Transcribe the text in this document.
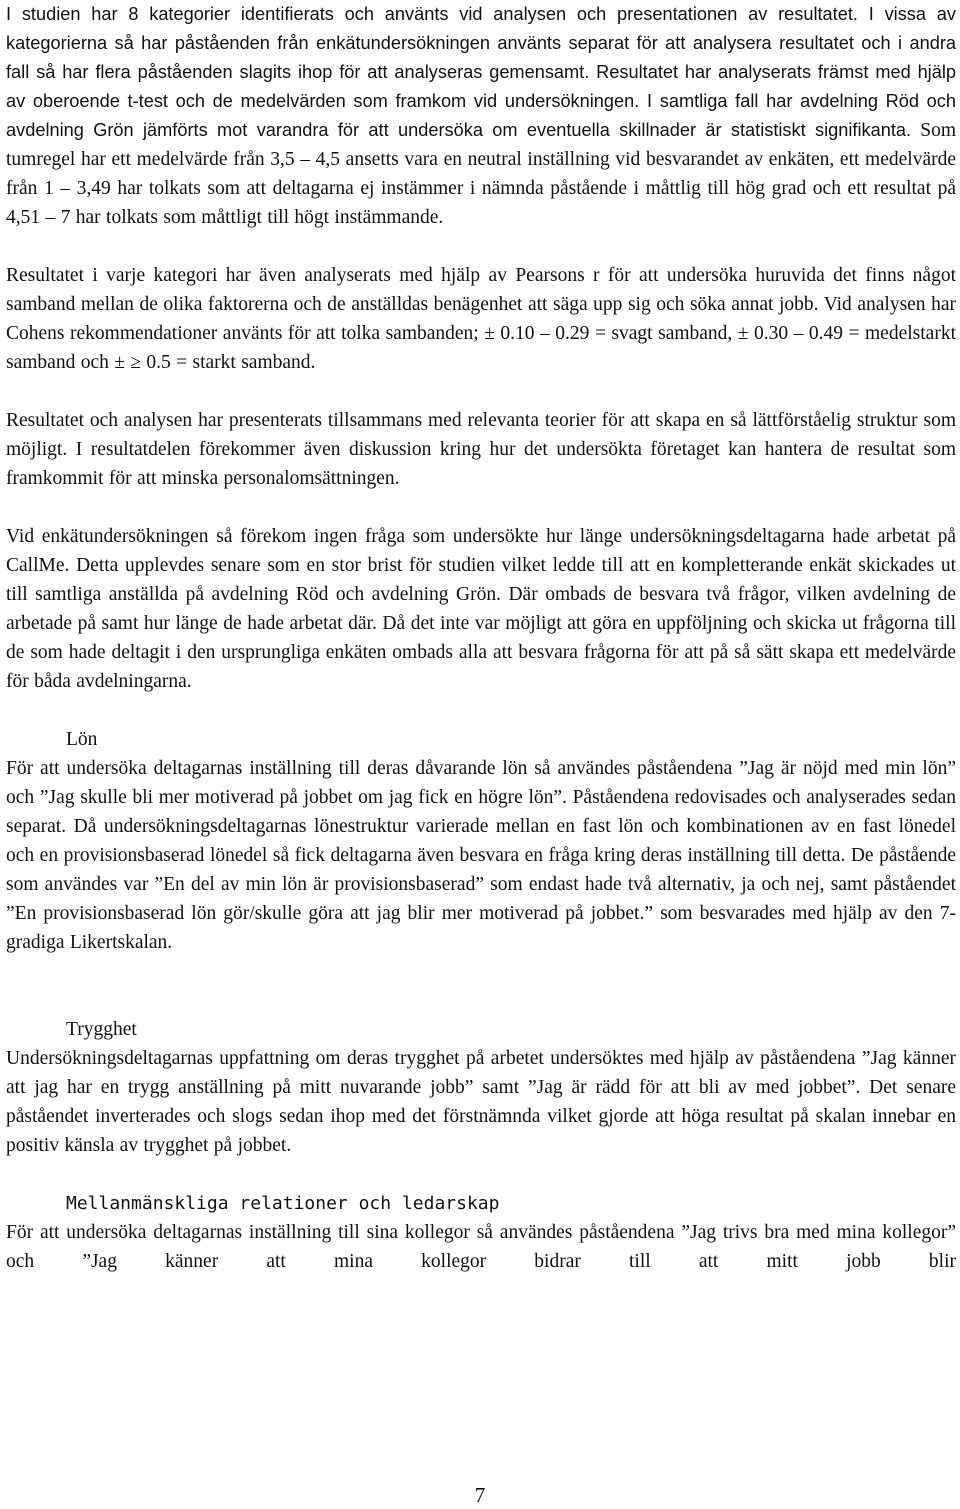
I studien har 8 kategorier identifierats och använts vid analysen och presentationen av resultatet. I vissa av kategorierna så har påståenden från enkätundersökningen använts separat för att analysera resultatet och i andra fall så har flera påståenden slagits ihop för att analyseras gemensamt. Resultatet har analyserats främst med hjälp av oberoende t-test och de medelvärden som framkom vid undersökningen. I samtliga fall har avdelning Röd och avdelning Grön jämförts mot varandra för att undersöka om eventuella skillnader är statistiskt signifikanta. Som tumregel har ett medelvärde från 3,5 – 4,5 ansetts vara en neutral inställning vid besvarandet av enkäten, ett medelvärde från 1 – 3,49 har tolkats som att deltagarna ej instämmer i nämnda påstående i måttlig till hög grad och ett resultat på 4,51 – 7 har tolkats som måttligt till högt instämmande.

Resultatet i varje kategori har även analyserats med hjälp av Pearsons r för att undersöka huruvida det finns något samband mellan de olika faktorerna och de anställdas benägenhet att säga upp sig och söka annat jobb. Vid analysen har Cohens rekommendationer använts för att tolka sambanden; ± 0.10 – 0.29 = svagt samband, ± 0.30 – 0.49 = medelstarkt samband och ± ≥ 0.5 = starkt samband.

Resultatet och analysen har presenterats tillsammans med relevanta teorier för att skapa en så lättförståelig struktur som möjligt. I resultatdelen förekommer även diskussion kring hur det undersökta företaget kan hantera de resultat som framkommit för att minska personalomsättningen.

Vid enkätundersökningen så förekom ingen fråga som undersökte hur länge undersökningsdeltagarna hade arbetat på CallMe. Detta upplevdes senare som en stor brist för studien vilket ledde till att en kompletterande enkät skickades ut till samtliga anställda på avdelning Röd och avdelning Grön. Där ombads de besvara två frågor, vilken avdelning de arbetade på samt hur länge de hade arbetat där. Då det inte var möjligt att göra en uppföljning och skicka ut frågorna till de som hade deltagit i den ursprungliga enkäten ombads alla att besvara frågorna för att på så sätt skapa ett medelvärde för båda avdelningarna.

Lön

För att undersöka deltagarnas inställning till deras dåvarande lön så användes påståendena ”Jag är nöjd med min lön” och ”Jag skulle bli mer motiverad på jobbet om jag fick en högre lön”. Påståendena redovisades och analyserades sedan separat. Då undersökningsdeltagarnas lönestruktur varierade mellan en fast lön och kombinationen av en fast lönedel och en provisionsbaserad lönedel så fick deltagarna även besvara en fråga kring deras inställning till detta. De påstående som användes var ”En del av min lön är provisionsbaserad” som endast hade två alternativ, ja och nej, samt påståendet ”En provisionsbaserad lön gör/skulle göra att jag blir mer motiverad på jobbet.” som besvarades med hjälp av den 7-gradiga Likertskalan.

Trygghet

Undersökningsdeltagarnas uppfattning om deras trygghet på arbetet undersöktes med hjälp av påståendena ”Jag känner att jag har en trygg anställning på mitt nuvarande jobb” samt ”Jag är rädd för att bli av med jobbet”. Det senare påståendet inverterades och slogs sedan ihop med det förstnämnda vilket gjorde att höga resultat på skalan innebar en positiv känsla av trygghet på jobbet.

Mellanmänskliga relationer och ledarskap

För att undersöka deltagarnas inställning till sina kollegor så användes påståendena ”Jag trivs bra med mina kollegor” och ”Jag känner att mina kollegor bidrar till att mitt jobb blir

7
